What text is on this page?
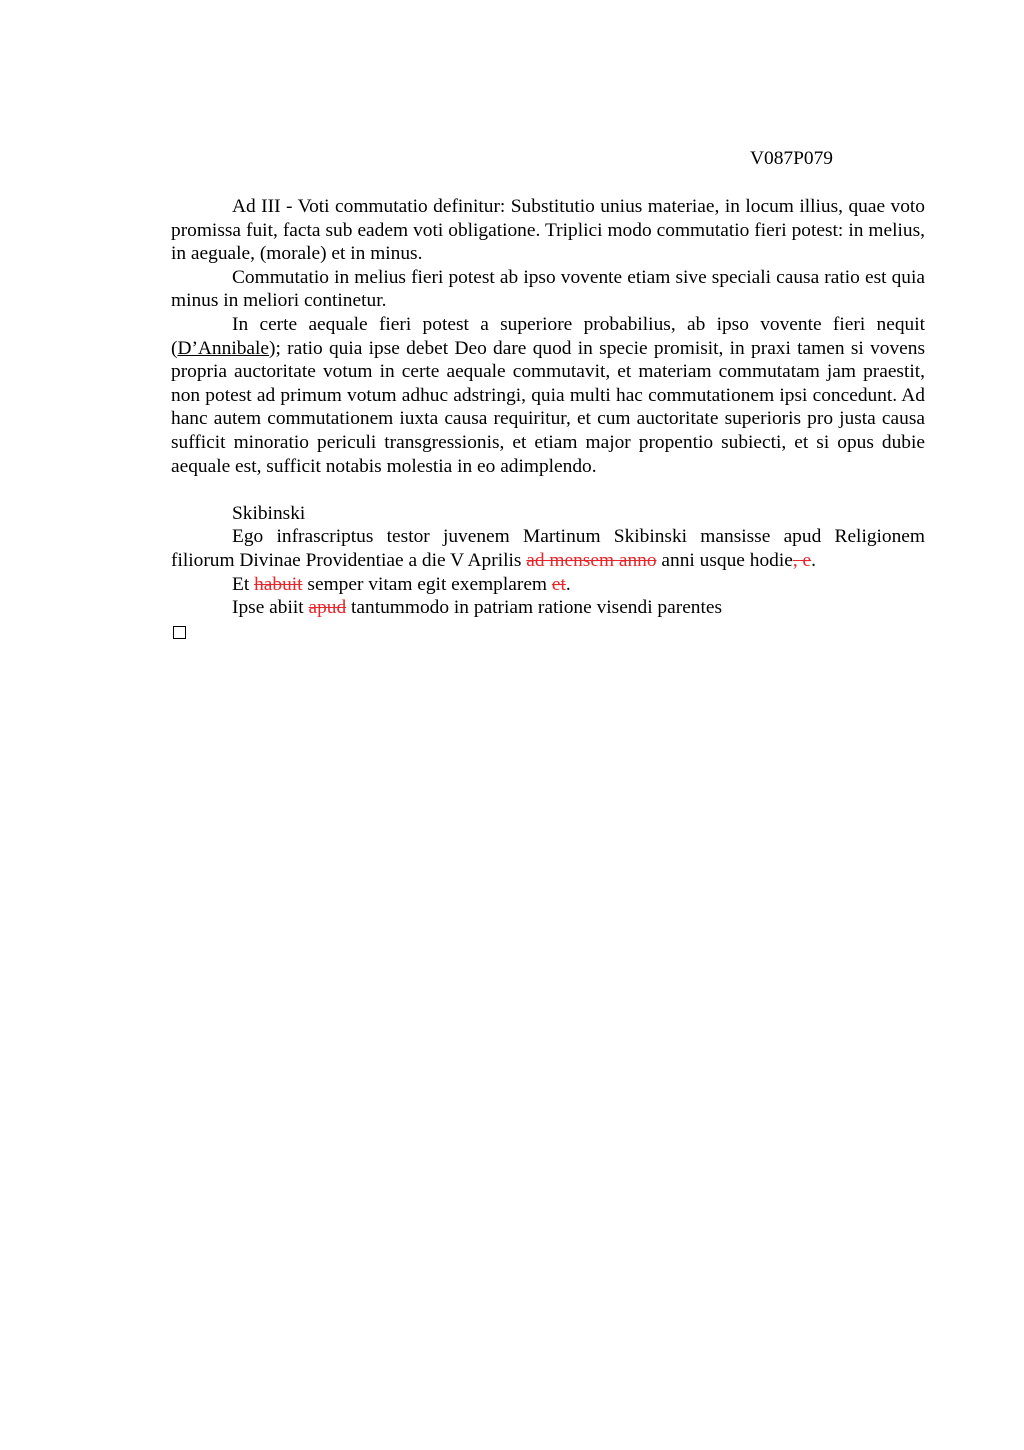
V087P079

Ad III - Voti commutatio definitur: Substitutio unius materiae, in locum illius, quae voto promissa fuit, facta sub eadem voti obligatione. Triplici modo commutatio fieri potest: in melius, in aeguale, (morale) et in minus.

Commutatio in melius fieri potest ab ipso vovente etiam sive speciali causa ratio est quia minus in meliori continetur.

In certe aequale fieri potest a superiore probabilius, ab ipso vovente fieri nequit (D’Annibale); ratio quia ipse debet Deo dare quod in specie promisit, in praxi tamen si vovens propria auctoritate votum in certe aequale commutavit, et materiam commutatam jam praestit, non potest ad primum votum adhuc adstringi, quia multi hac commutationem ipsi concedunt. Ad hanc autem commutationem iuxta causa requiritur, et cum auctoritate superioris pro justa causa sufficit minoratio periculi transgressionis, et etiam major propentio subiecti, et si opus dubie aequale est, sufficit notabis molestia in eo adimplendo.

Skibinski

Ego infrascriptus testor juvenem Martinum Skibinski mansisse apud Religionem filiorum Divinae Providentiae a die V Aprilis ad mensem anno anni usque hodie, e.

Et habuit semper vitam egit exemplarem et.

Ipse abiit apud tantummodo in patriam ratione visendi parentes
